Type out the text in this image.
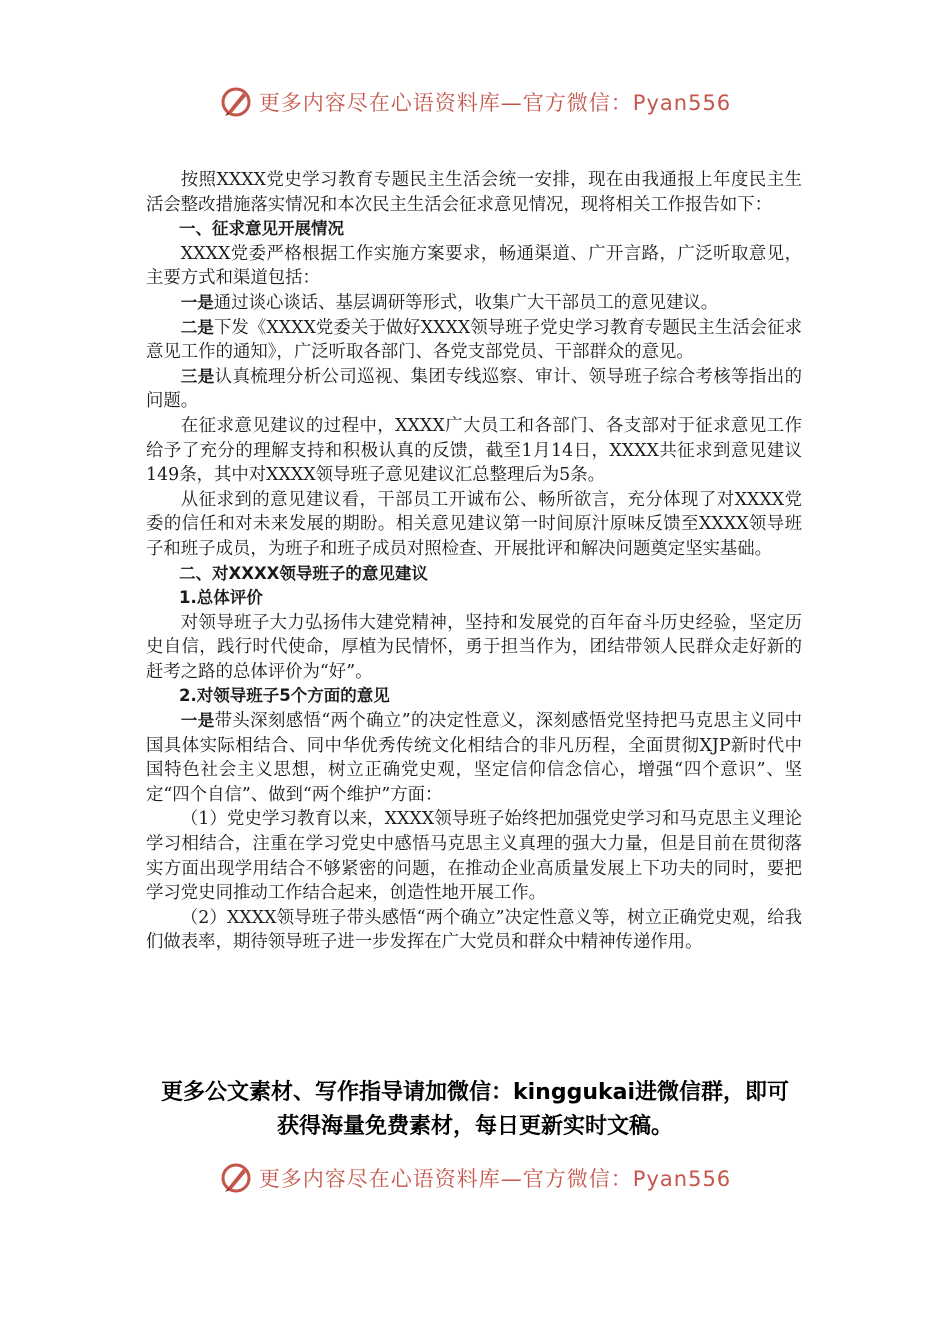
更多内容尽在心语资料库—官方微信：Pyan556

按照XXXX党史学习教育专题民主生活会统一安排，现在由我通报上年度民主生活会整改措施落实情况和本次民主生活会征求意见情况，现将相关工作报告如下：

一、征求意见开展情况

XXXX党委严格根据工作实施方案要求，畅通渠道、广开言路，广泛听取意见，主要方式和渠道包括：

一是通过谈心谈话、基层调研等形式，收集广大干部员工的意见建议。

二是下发《XXXX党委关于做好XXXX领导班子党史学习教育专题民主生活会征求意见工作的通知》，广泛听取各部门、各党支部党员、干部群众的意见。

三是认真梳理分析公司巡视、集团专线巡察、审计、领导班子综合考核等指出的问题。

在征求意见建议的过程中，XXXX广大员工和各部门、各支部对于征求意见工作给予了充分的理解支持和积极认真的反馈，截至1月14日，XXXX共征求到意见建议149条，其中对XXXX领导班子意见建议汇总整理后为5条。

从征求到的意见建议看，干部员工开诚布公、畅所欲言，充分体现了对XXXX党委的信任和对未来发展的期盼。相关意见建议第一时间原汁原味反馈至XXXX领导班子和班子成员，为班子和班子成员对照检查、开展批评和解决问题奠定坚实基础。

二、对XXXX领导班子的意见建议

1.总体评价

对领导班子大力弘扬伟大建党精神，坚持和发展党的百年奋斗历史经验，坚定历史自信，践行时代使命，厚植为民情怀，勇于担当作为，团结带领人民群众走好新的赶考之路的总体评价为“好”。

2.对领导班子5个方面的意见

一是带头深刻感悟“两个确立”的决定性意义，深刻感悟党坚持把马克思主义同中国具体实际相结合、同中华优秀传统文化相结合的非凡历程，全面贯彻XJP新时代中国特色社会主义思想，树立正确党史观，坚定信仰信念信心，增强“四个意识”、坚定“四个自信”、做到“两个维护”方面：

（1）党史学习教育以来，XXXX领导班子始终把加强党史学习和马克思主义理论学习相结合，注重在学习党史中感悟马克思主义真理的强大力量，但是目前在贯彻落实方面出现学用结合不够紧密的问题，在推动企业高质量发展上下功夫的同时，要把学习党史同推动工作结合起来，创造性地开展工作。

（2）XXXX领导班子带头感悟“两个确立”决定性意义等，树立正确党史观，给我们做表率，期待领导班子进一步发挥在广大党员和群众中精神传递作用。

更多公文素材、写作指导请加微信：kinggukai进微信群，即可
获得海量免费素材，每日更新实时文稿。
更多内容尽在心语资料库—官方微信：Pyan556
